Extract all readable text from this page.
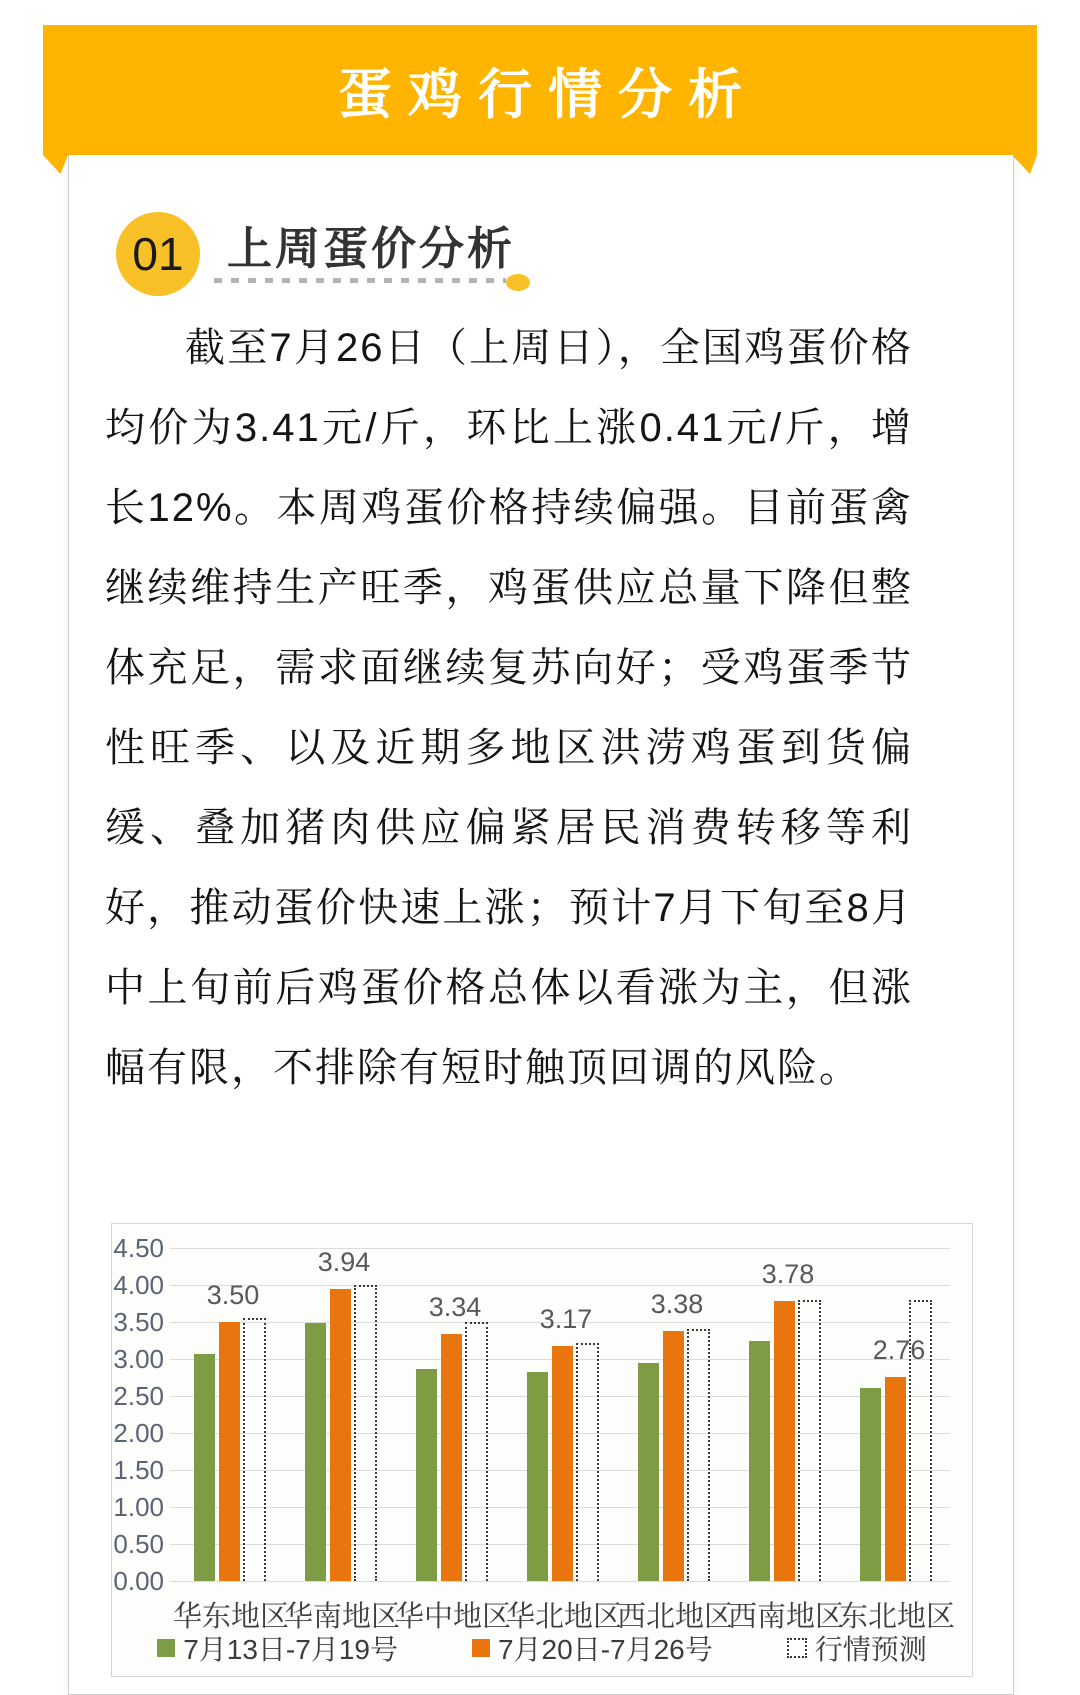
蛋鸡行情分析
01 上周蛋价分析
截至7月26日（上周日），全国鸡蛋价格均价为3.41元/斤，环比上涨0.41元/斤，增长12%。本周鸡蛋价格持续偏强。目前蛋禽继续维持生产旺季，鸡蛋供应总量下降但整体充足，需求面继续复苏向好；受鸡蛋季节性旺季、以及近期多地区洪涝鸡蛋到货偏缓、叠加猪肉供应偏紧居民消费转移等利好，推动蛋价快速上涨；预计7月下旬至8月中上旬前后鸡蛋价格总体以看涨为主，但涨幅有限，不排除有短时触顶回调的风险。
0.00
0.50
1.00
1.50
2.00
2.50
3.00
3.50
4.00
4.50
3.50
华东地区
3.94
华南地区
3.34
华中地区
3.17
华北地区
3.38
西北地区
3.78
西南地区
2.76
东北地区
7月13日-7月19号	7月20日-7月26号	行情预测
